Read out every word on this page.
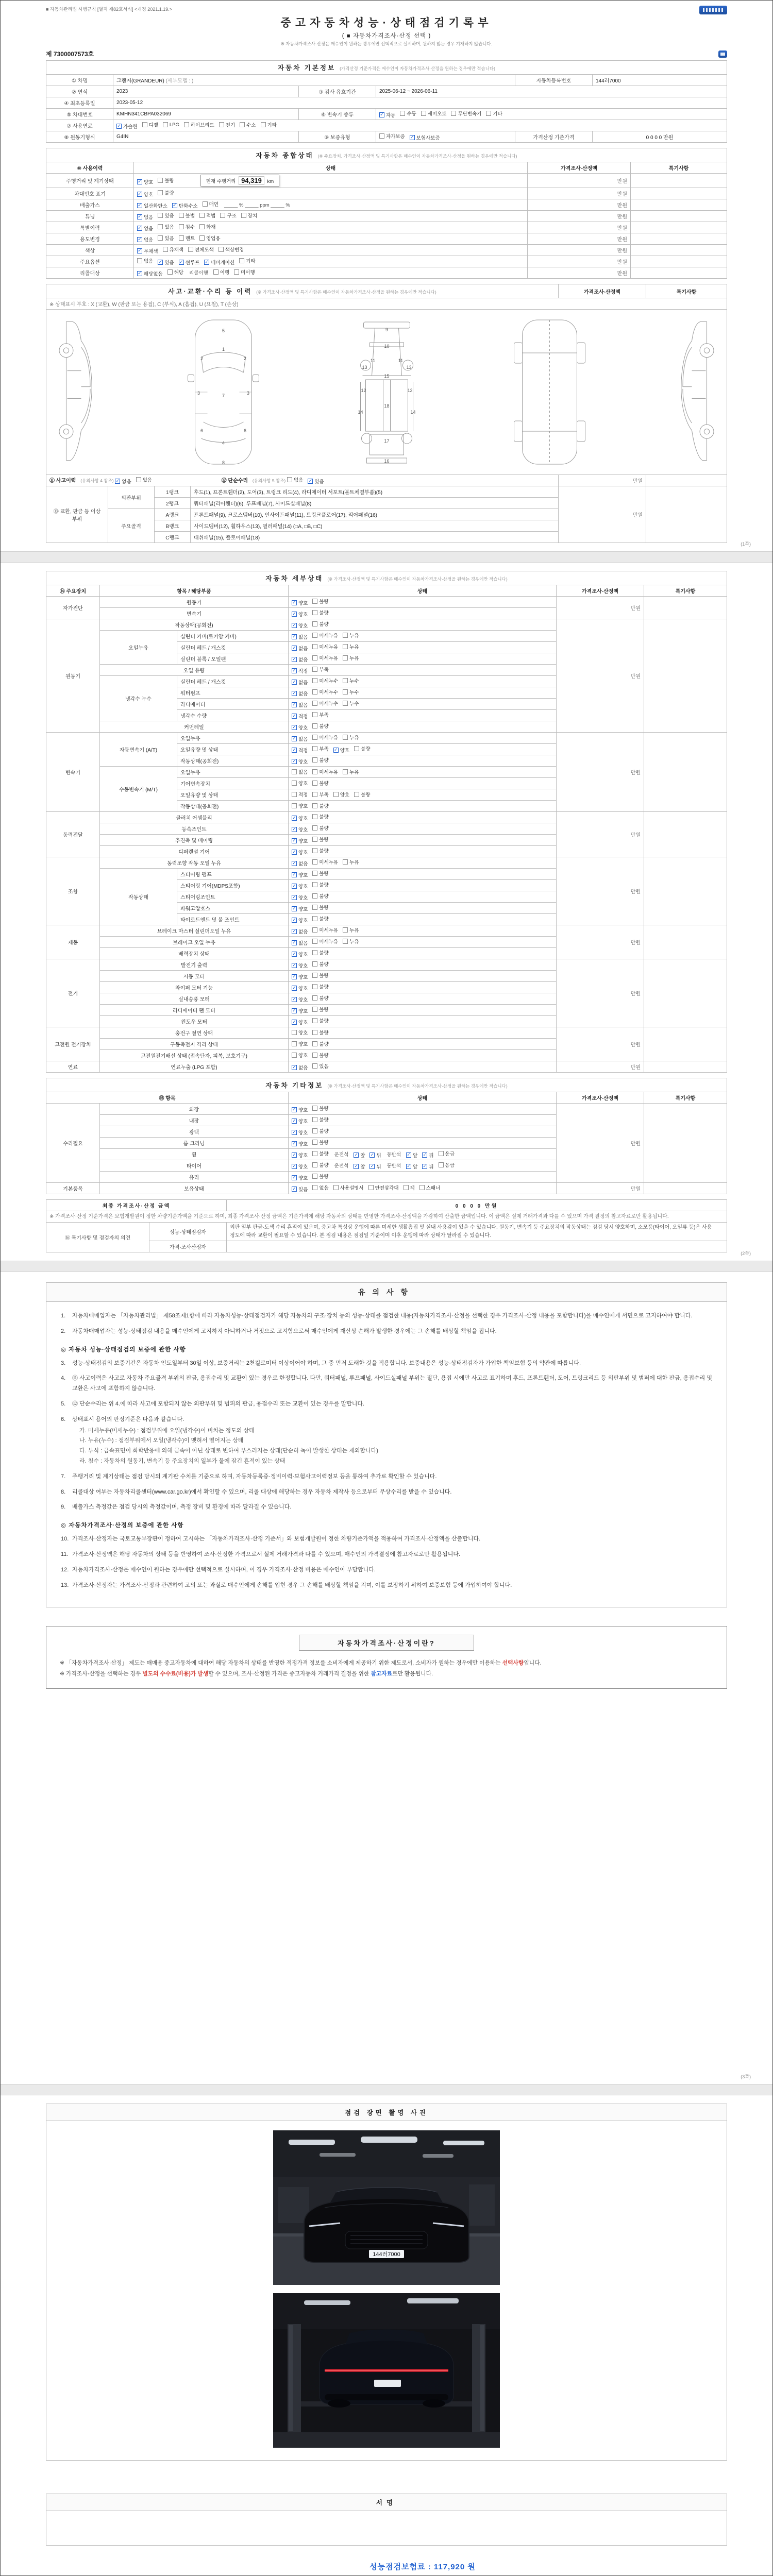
■ 자동차관리법 시행규칙 [별지 제82호서식] <개정 2021.1.19.>
중고자동차성능·상태점검기록부
( ■ 자동차가격조사·산정 선택 )
※ 자동차가격조사·산정은 매수인이 원하는 경우에만 선택적으로 실시하며, 원하지 않는 경우 기재하지 않습니다.
제 7300007573호
자동차 기본정보 (가격산정 기준가격은 매수인이 자동차가격조사·산정을 원하는 경우에만 적습니다)					
① 차명	그랜저(GRANDEUR) (세부모델 : )			자동차등록번호	144러7000
② 연식	2023	③ 검사 유효기간	2025-06-12 ~ 2026-06-11		
④ 최초등록일	2023-05-12				
⑤ 차대번호	KMHN341CBPA032069	⑥ 변속기 종류	✓ 자동 수동 세미오토 무단변속기 기타

⑦ 사용연료	✓ 가솔린 디젤 LPG 하이브리드 전기 수소 기타

⑧ 원동기형식	G4IN	⑨ 보증유형	자가보증 ✓ 보험사보증	가격산정 기준가격	0 0 0 0 만원
자동차 종합상태 (※ 주요장치, 가격조사·산정액 및 특기사항은 매수인이 자동차가격조사·산정을 원하는 경우에만 적습니다)			
⑩ 사용이력	상태	가격조사·산정액	특기사항
주행거리 및 계기상태	✓ 양호 불량 현재 주행거리 94,319 km	만원	
차대번호 표기	✓ 양호 불량	만원	
배출가스	✓ 일산화탄소 ✓ 탄화수소 매연 _____ % _____ ppm _____ %	만원	
튜닝	✓ 없음 있음 불법 적법 구조 장치	만원	
특별이력	✓ 없음 있음 침수 화재	만원	
용도변경	✓ 없음 있음 렌트 영업용	만원	
색상	✓ 무채색 유채색 전체도색 색상변경	만원	
주요옵션	없음 ✓ 있음 ✓ 썬루프 ✓ 네비게이션 기타	만원	
리콜대상	✓ 해당없음 해당 리콜이행 이행 미이행	만원	
사고·교환·수리 등 이력 (※ 가격조사·산정액 및 특기사항은 매수인이 자동차가격조사·산정을 원하는 경우에만 적습니다)				가격조사·산정액	특기사항
※ 상태표시 부호 : X (교환), W (판금 또는 용접), C (부식), A (흠집), U (요철), T (손상)					

5
1
2	2
3	3
7
6	6
4
8
9
10
11	11
13	13
15
12	12
14	14
18
17
16

⑪ 사고이력 (유의사항 4 참조) ✓ 없음 있음	⑫ 단순수리 (유의사항 5 참조) 없음 ✓ 있음	만원	
⑬ 교환, 판금 등 이상 부위	외판부위	1랭크	후드(1), 프론트휀더(2), 도어(3), 트렁크 리드(4), 라디에이터 서포트(볼트체결부품)(5)	만원	
		2랭크	쿼터패널(리어휀더)(6), 루프패널(7), 사이드실패널(8)		
	주요골격	A랭크	프론트패널(9), 크로스멤버(10), 인사이드패널(11), 트렁크플로어(17), 리어패널(16)		
		B랭크	사이드멤버(12), 휠하우스(13), 필러패널(14) (□A, □B, □C)		
		C랭크	대쉬패널(15), 플로어패널(18)		
(1쪽)
자동차 세부상태 (※ 가격조사·산정액 및 특기사항은 매수인이 자동차가격조사·산정을 원하는 경우에만 적습니다)					
⑭ 주요장치	항목 / 해당부품		상태	가격조사·산정액	특기사항
자가진단	원동기		✓ 양호 불량	만원	
	변속기		✓ 양호 불량		

원동기	작동상태(공회전)		✓ 양호 불량	만원	
	오일누유	실린더 커버(로커암 커버)	✓ 없음 미세누유 누유		

		실린더 헤드 / 개스킷	✓ 없음 미세누유 누유		

		실린더 블록 / 오일팬	✓ 없음 미세누유 누유		

	오일 유량		✓ 적정 부족		

	냉각수 누수	실린더 헤드 / 개스킷	✓ 없음 미세누수 누수		

		워터펌프	✓ 없음 미세누수 누수		

		라디에이터	✓ 없음 미세누수 누수		

		냉각수 수량	✓ 적정 부족		

	커먼레일		✓ 양호 불량		

변속기	자동변속기 (A/T)	오일누유	✓ 없음 미세누유 누유	만원	
오일유량 및 상태	✓ 적정 부족 ✓ 양호 불량

		작동상태(공회전)	✓ 양호 불량		

	수동변속기 (M/T)	오일누유	없음 미세누유 누유		

		기어변속장치	양호 불량		

		오일유량 및 상태	적정 부족 양호 불량		

		작동상태(공회전)	양호 불량		

동력전달	클러치 어셈블리		✓ 양호 불량	만원	
	등속조인트		✓ 양호 불량		

	추진축 및 베어링		✓ 양호 불량		

	디퍼렌셜 기어		✓ 양호 불량		

조향	동력조향 작동 오일 누유		✓ 없음 미세누유 누유	만원	
	작동상태	스티어링 펌프	✓ 양호 불량		

		스티어링 기어(MDPS포함)	✓ 양호 불량		

		스티어링조인트	✓ 양호 불량		

		파워고압호스	✓ 양호 불량		

		타이로드엔드 및 볼 조인트	✓ 양호 불량		

제동	브레이크 마스터 실린더오일 누유		✓ 없음 미세누유 누유	만원	
	브레이크 오일 누유		✓ 없음 미세누유 누유		

	배력장치 상태		✓ 양호 불량		

전기	발전기 출력		✓ 양호 불량	만원	
	시동 모터		✓ 양호 불량		

	와이퍼 모터 기능		✓ 양호 불량		

	실내송풍 모터		✓ 양호 불량		

	라디에이터 팬 모터		✓ 양호 불량		

	윈도우 모터		✓ 양호 불량		

고전원 전기장치	충전구 절연 상태		양호 불량	만원	
	구동축전지 격리 상태		양호 불량		

	고전원전기배선 상태 (접속단자, 피복, 보호기구)		양호 불량		

연료	연료누출 (LPG 포함)		✓ 없음 있음	만원	
자동차 기타정보 (※ 가격조사·산정액 및 특기사항은 매수인이 자동차가격조사·산정을 원하는 경우에만 적습니다)				
⑮ 항목		상태	가격조사·산정액	특기사항
수리필요	외장	✓ 양호 불량	만원	
	내장	✓ 양호 불량		

	광택	✓ 양호 불량		

	룸 크리닝	✓ 양호 불량		

휠	✓ 양호 불량 운전석 ✓ 앞 ✓ 뒤 동반석 ✓ 앞 ✓ 뒤 응급

타이어	✓ 양호 불량 운전석 ✓ 앞 ✓ 뒤 동반석 ✓ 앞 ✓ 뒤 응급

	유리	✓ 양호 불량		

기본품목	보유상태	✓ 있음 없음 사용설명서 안전삼각대 잭 스패너	만원	
최종 가격조사·산정 금액		0 0 0 0 만원
※ 가격조사·산정 기준가격은 보험개발원이 정한 차량기준가액을 기준으로 하며, 최종 가격조사·산정 금액은 기준가격에 해당 자동차의 상태를 반영한 가격조사·산정액을 가감하여 산출한 금액입니다. 이 금액은 실제 거래가격과 다를 수 있으며 가격 결정의 참고자료로만 활용됩니다.		
⑯ 특기사항 및 점검자의 의견	성능·상태점검자	외판 일부 판금·도색 수리 흔적이 있으며, 중고차 특성상 운행에 따른 미세한 생활흠집 및 실내 사용감이 있을 수 있습니다. 원동기, 변속기 등 주요장치의 작동상태는 점검 당시 양호하며, 소모품(타이어, 오일류 등)은 사용 정도에 따라 교환이 필요할 수 있습니다. 본 점검 내용은 점검일 기준이며 이후 운행에 따라 상태가 달라질 수 있습니다.
	가격·조사산정자	
(2쪽)
유의사항
1.	자동차매매업자는 「자동차관리법」 제58조제1항에 따라 자동차성능·상태점검자가 해당 자동차의 구조·장치 등의 성능·상태를 점검한 내용(자동차가격조사·산정을 선택한 경우 가격조사·산정 내용을 포함합니다)을 매수인에게 서면으로 고지하여야 합니다.
2.	자동차매매업자는 성능·상태점검 내용을 매수인에게 고지하지 아니하거나 거짓으로 고지함으로써 매수인에게 재산상 손해가 발생한 경우에는 그 손해를 배상할 책임을 집니다.
◎ 자동차 성능·상태점검의 보증에 관한 사항
3.	성능·상태점검의 보증기간은 자동차 인도일부터 30일 이상, 보증거리는 2천킬로미터 이상이어야 하며, 그 중 먼저 도래한 것을 적용합니다. 보증내용은 성능·상태점검자가 가입한 책임보험 등의 약관에 따릅니다.
4.	⑪ 사고이력은 사고로 자동차 주요골격 부위의 판금, 용접수리 및 교환이 있는 경우로 한정합니다. 다만, 쿼터패널, 루프패널, 사이드실패널 부위는 절단, 용접 시에만 사고로 표기하며 후드, 프론트휀더, 도어, 트렁크리드 등 외판부위 및 범퍼에 대한 판금, 용접수리 및 교환은 사고에 포함하지 않습니다.
5.	⑫ 단순수리는 위 4.에 따라 사고에 포함되지 않는 외판부위 및 범퍼의 판금, 용접수리 또는 교환이 있는 경우를 말합니다.
6.	상태표시 용어의 판정기준은 다음과 같습니다.
가. 미세누유(미세누수) : 점검부위에 오일(냉각수)이 비치는 정도의 상태
나. 누유(누수) : 점검부위에서 오일(냉각수)이 맺혀서 떨어지는 상태
다. 부식 : 금속표면이 화학반응에 의해 금속이 아닌 상태로 변하여 부스러지는 상태(단순히 녹이 발생한 상태는 제외합니다)
라. 침수 : 자동차의 원동기, 변속기 등 주요장치의 일부가 물에 잠긴 흔적이 있는 상태
7.	주행거리 및 계기상태는 점검 당시의 계기판 수치를 기준으로 하며, 자동차등록증·정비이력·보험사고이력정보 등을 통하여 추가로 확인할 수 있습니다.
8.	리콜대상 여부는 자동차리콜센터(www.car.go.kr)에서 확인할 수 있으며, 리콜 대상에 해당하는 경우 자동차 제작사 등으로부터 무상수리를 받을 수 있습니다.
9.	배출가스 측정값은 점검 당시의 측정값이며, 측정 장비 및 환경에 따라 달라질 수 있습니다.
◎ 자동차가격조사·산정의 보증에 관한 사항
10. 가격조사·산정자는 국토교통부장관이 정하여 고시하는 「자동차가격조사·산정 기준서」와 보험개발원이 정한 차량기준가액을 적용하여 가격조사·산정액을 산출합니다.
11. 가격조사·산정액은 해당 자동차의 상태 등을 반영하여 조사·산정한 가격으로서 실제 거래가격과 다를 수 있으며, 매수인의 가격결정에 참고자료로만 활용됩니다.
12. 자동차가격조사·산정은 매수인이 원하는 경우에만 선택적으로 실시하며, 이 경우 가격조사·산정 비용은 매수인이 부담합니다.
13. 가격조사·산정자는 가격조사·산정과 관련하여 고의 또는 과실로 매수인에게 손해를 입힌 경우 그 손해를 배상할 책임을 지며, 이를 보장하기 위하여 보증보험 등에 가입하여야 합니다.
자동차가격조사·산정이란?
※ 「자동차가격조사·산정」 제도는 매매용 중고자동차에 대하여 해당 자동차의 상태를 반영한 적정가격 정보를 소비자에게 제공하기 위한 제도로서, 소비자가 원하는 경우에만 이용하는 선택사항입니다.
※ 가격조사·산정을 선택하는 경우 별도의 수수료(비용)가 발생할 수 있으며, 조사·산정된 가격은 중고자동차 거래가격 결정을 위한 참고자료로만 활용됩니다.
(3쪽)
점검 장면 촬영 사진
144러7000
서명
성능점검보험료 : 117,920 원
